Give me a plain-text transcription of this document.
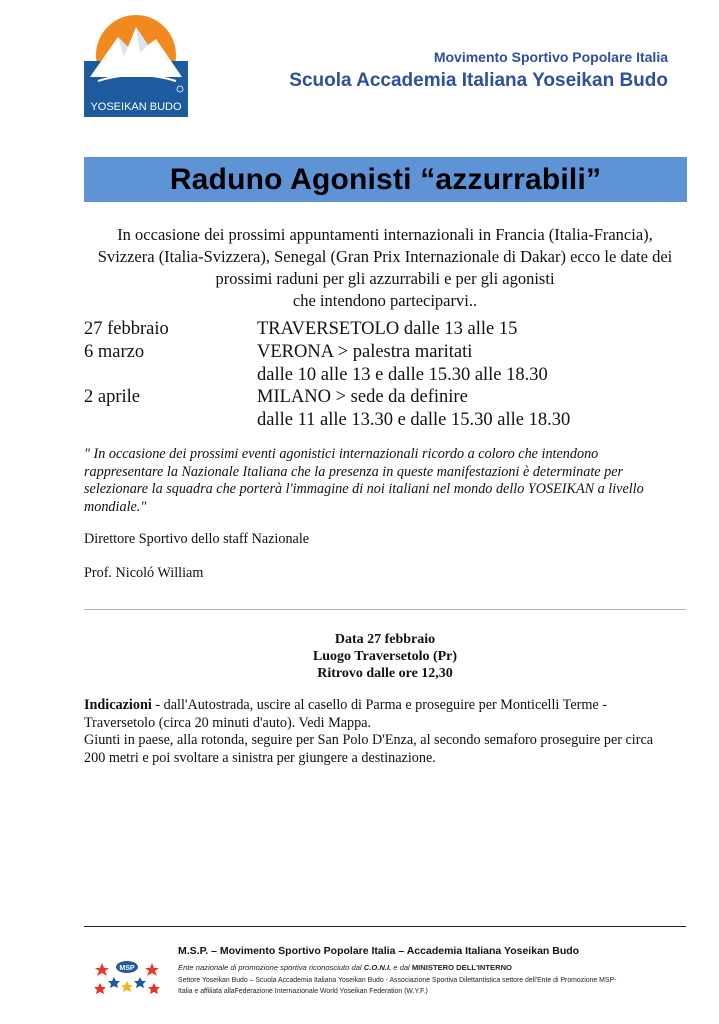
YOSEIKAN BUDO
Movimento Sportivo Popolare Italia
Scuola Accademia Italiana Yoseikan Budo
Raduno Agonisti “azzurrabili”
In occasione dei prossimi appuntamenti internazionali in Francia (Italia-Francia),
Svizzera (Italia-Svizzera), Senegal (Gran Prix Internazionale di Dakar) ecco le date dei
prossimi raduni per gli azzurrabili e per gli agonisti
che intendono parteciparvi..
27 febbraio	TRAVERSETOLO dalle 13 alle 15
6 marzo	VERONA > palestra maritati
dalle 10 alle 13 e dalle 15.30 alle 18.30
2 aprile	MILANO > sede da definire
dalle 11 alle 13.30 e dalle 15.30 alle 18.30
" In occasione dei prossimi eventi agonistici internazionali ricordo a coloro che intendono
rappresentare la Nazionale Italiana che la presenza in queste manifestazioni è determinate per
selezionare la squadra che porterà l'immagine di noi italiani nel mondo dello YOSEIKAN a livello
mondiale."
Direttore Sportivo dello staff Nazionale
Prof. Nicoló William
Data 27 febbraio
Luogo Traversetolo (Pr)
Ritrovo dalle ore 12,30
Indicazioni - dall'Autostrada, uscire al casello di Parma e proseguire per Monticelli Terme -
Traversetolo (circa 20 minuti d'auto). Vedi Mappa.
Giunti in paese, alla rotonda, seguire per San Polo D'Enza, al secondo semaforo proseguire per circa
200 metri e poi svoltare a sinistra per giungere a destinazione.
MSP
M.S.P. – Movimento Sportivo Popolare Italia – Accademia Italiana Yoseikan Budo
Ente nazionale di promozione sportiva riconosciuto dal C.O.N.I. e dal MINISTERO DELL'INTERNO
Settore Yoseikan Budo – Scuola Accademia Italiana Yoseikan Budo - Associazione Sportiva Dilettantistica settore dell'Ente di Promozione MSP-
Italia e affiliata allaFederazione Internazionale World Yoseikan Federation (W.Y.F.)
